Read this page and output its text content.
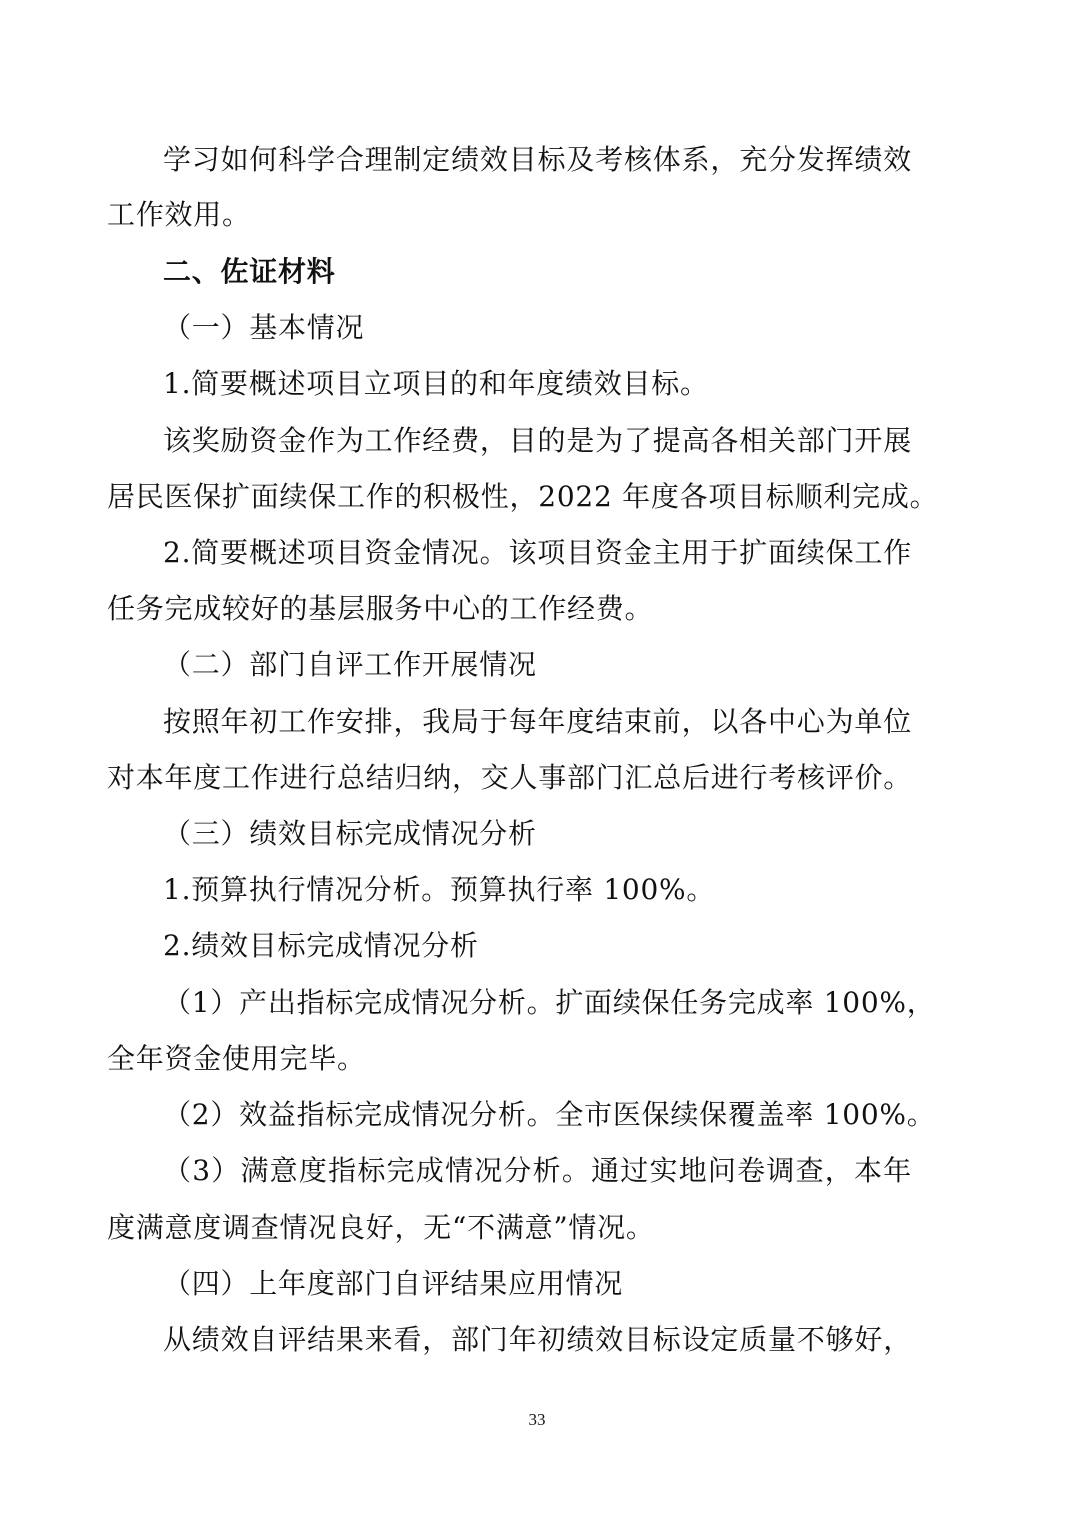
学习如何科学合理制定绩效目标及考核体系，充分发挥绩效
工作效用。
二、佐证材料
（一）基本情况
1.简要概述项目立项目的和年度绩效目标。
该奖励资金作为工作经费，目的是为了提高各相关部门开展
居民医保扩面续保工作的积极性，2022 年度各项目标顺利完成。
2.简要概述项目资金情况。该项目资金主用于扩面续保工作
任务完成较好的基层服务中心的工作经费。
（二）部门自评工作开展情况
按照年初工作安排，我局于每年度结束前，以各中心为单位
对本年度工作进行总结归纳，交人事部门汇总后进行考核评价。
（三）绩效目标完成情况分析
1.预算执行情况分析。预算执行率 100%。
2.绩效目标完成情况分析
（1）产出指标完成情况分析。扩面续保任务完成率 100%，
全年资金使用完毕。
（2）效益指标完成情况分析。全市医保续保覆盖率 100%。
（3）满意度指标完成情况分析。通过实地问卷调查，本年
度满意度调查情况良好，无“不满意”情况。
（四）上年度部门自评结果应用情况
从绩效自评结果来看，部门年初绩效目标设定质量不够好，
33
